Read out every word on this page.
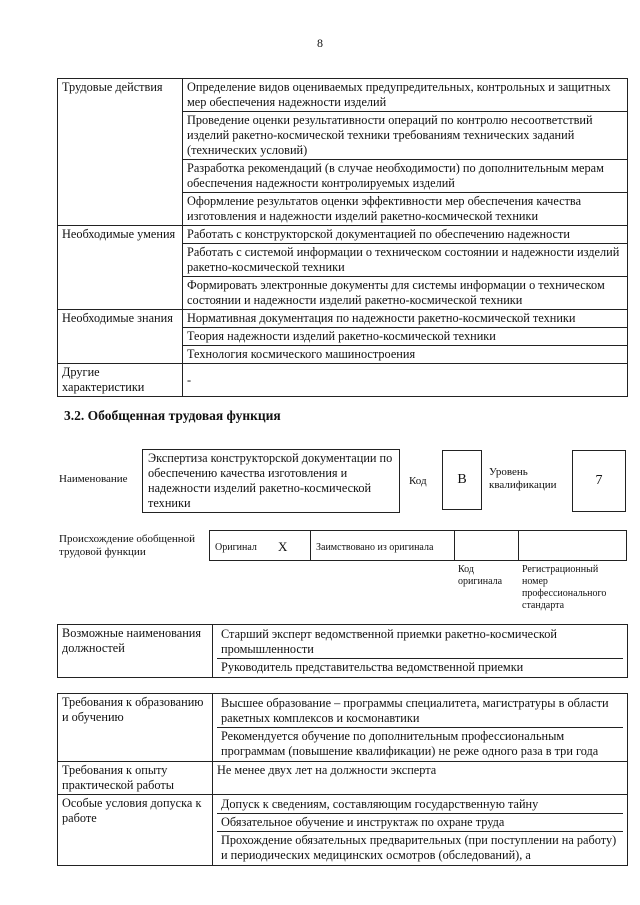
8
Трудовые действия	Определение видов оцениваемых предупредительных, контрольных и защитных мер обеспечения надежности изделий
	Проведение оценки результативности операций по контролю несоответствий изделий ракетно-космической техники требованиям технических заданий (технических условий)
	Разработка рекомендаций (в случае необходимости) по дополнительным мерам обеспечения надежности контролируемых изделий
	Оформление результатов оценки эффективности мер обеспечения качества изготовления и надежности изделий ракетно-космической техники
Необходимые умения	Работать с конструкторской документацией по обеспечению надежности
	Работать с системой информации о техническом состоянии и надежности изделий ракетно-космической техники
	Формировать электронные документы для системы информации о техническом состоянии и надежности изделий ракетно-космической техники
Необходимые знания	Нормативная документация по надежности ракетно-космической техники
	Теория надежности изделий ракетно-космической техники
	Технология космического машиностроения
Другие характеристики	-
3.2. Обобщенная трудовая функция
Наименование
Экспертиза конструкторской документации по обеспечению качества изготовления и надежности изделий ракетно-космической техники
Код	В	Уровень квалификации	7
Происхождение обобщенной трудовой функции	Оригинал X	Заимствовано из оригинала
Код оригинала
Регистрационный номер профессионального стандарта
Возможные наименования должностей	
Старший эксперт ведомственной приемки ракетно-космической промышленности
Руководитель представительства ведомственной приемки
Требования к образованию и обучению	Высшее образование – программы специалитета, магистратуры в области ракетных комплексов и космонавтики
Рекомендуется обучение по дополнительным профессиональным программам (повышение квалификации) не реже одного раза в три года

Требования к опыту практической работы	Не менее двух лет на должности эксперта
Особые условия допуска к работе	Допуск к сведениям, составляющим государственную тайну
Обязательное обучение и инструктаж по охране труда
Прохождение обязательных предварительных (при поступлении на работу) и периодических медицинских осмотров (обследований), а
